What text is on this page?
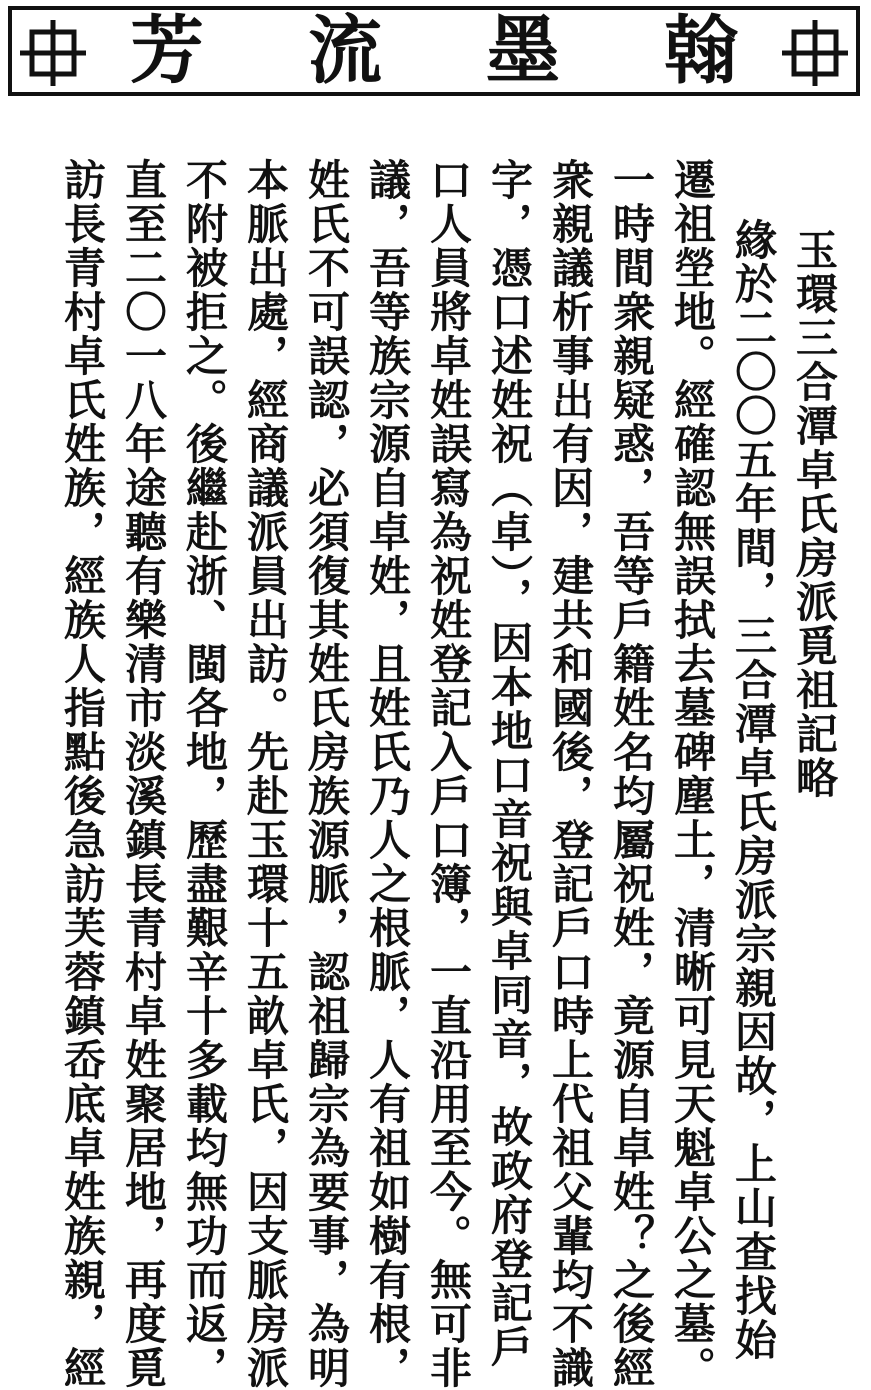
芳 流 墨 翰
玉環三合潭卓氏房派覓祖記略
緣於二〇〇五年間，三合潭卓氏房派宗親因故，上山查找始
遷祖塋地。經確認無誤拭去墓碑塵土，清晰可見天魁卓公之墓。
一時間衆親疑惑，吾等戶籍姓名均屬祝姓，竟源自卓姓？之後經
衆親議析事出有因，建共和國後，登記戶口時上代祖父輩均不識
字，憑口述姓祝（卓），因本地口音祝與卓同音，故政府登記戶
口人員將卓姓誤寫為祝姓登記入戶口簿，一直沿用至今。無可非
議，吾等族宗源自卓姓，且姓氏乃人之根脈，人有祖如樹有根，
姓氏不可誤認，必須復其姓氏房族源脈，認祖歸宗為要事，為明
本脈出處，經商議派員出訪。先赴玉環十五畝卓氏，因支脈房派
不附被拒之。後繼赴浙、閩各地，歷盡艱辛十多載均無功而返，
直至二〇一八年途聽有樂清市淡溪鎮長青村卓姓聚居地，再度覓
訪長青村卓氏姓族，經族人指點後急訪芙蓉鎮岙底卓姓族親，經
